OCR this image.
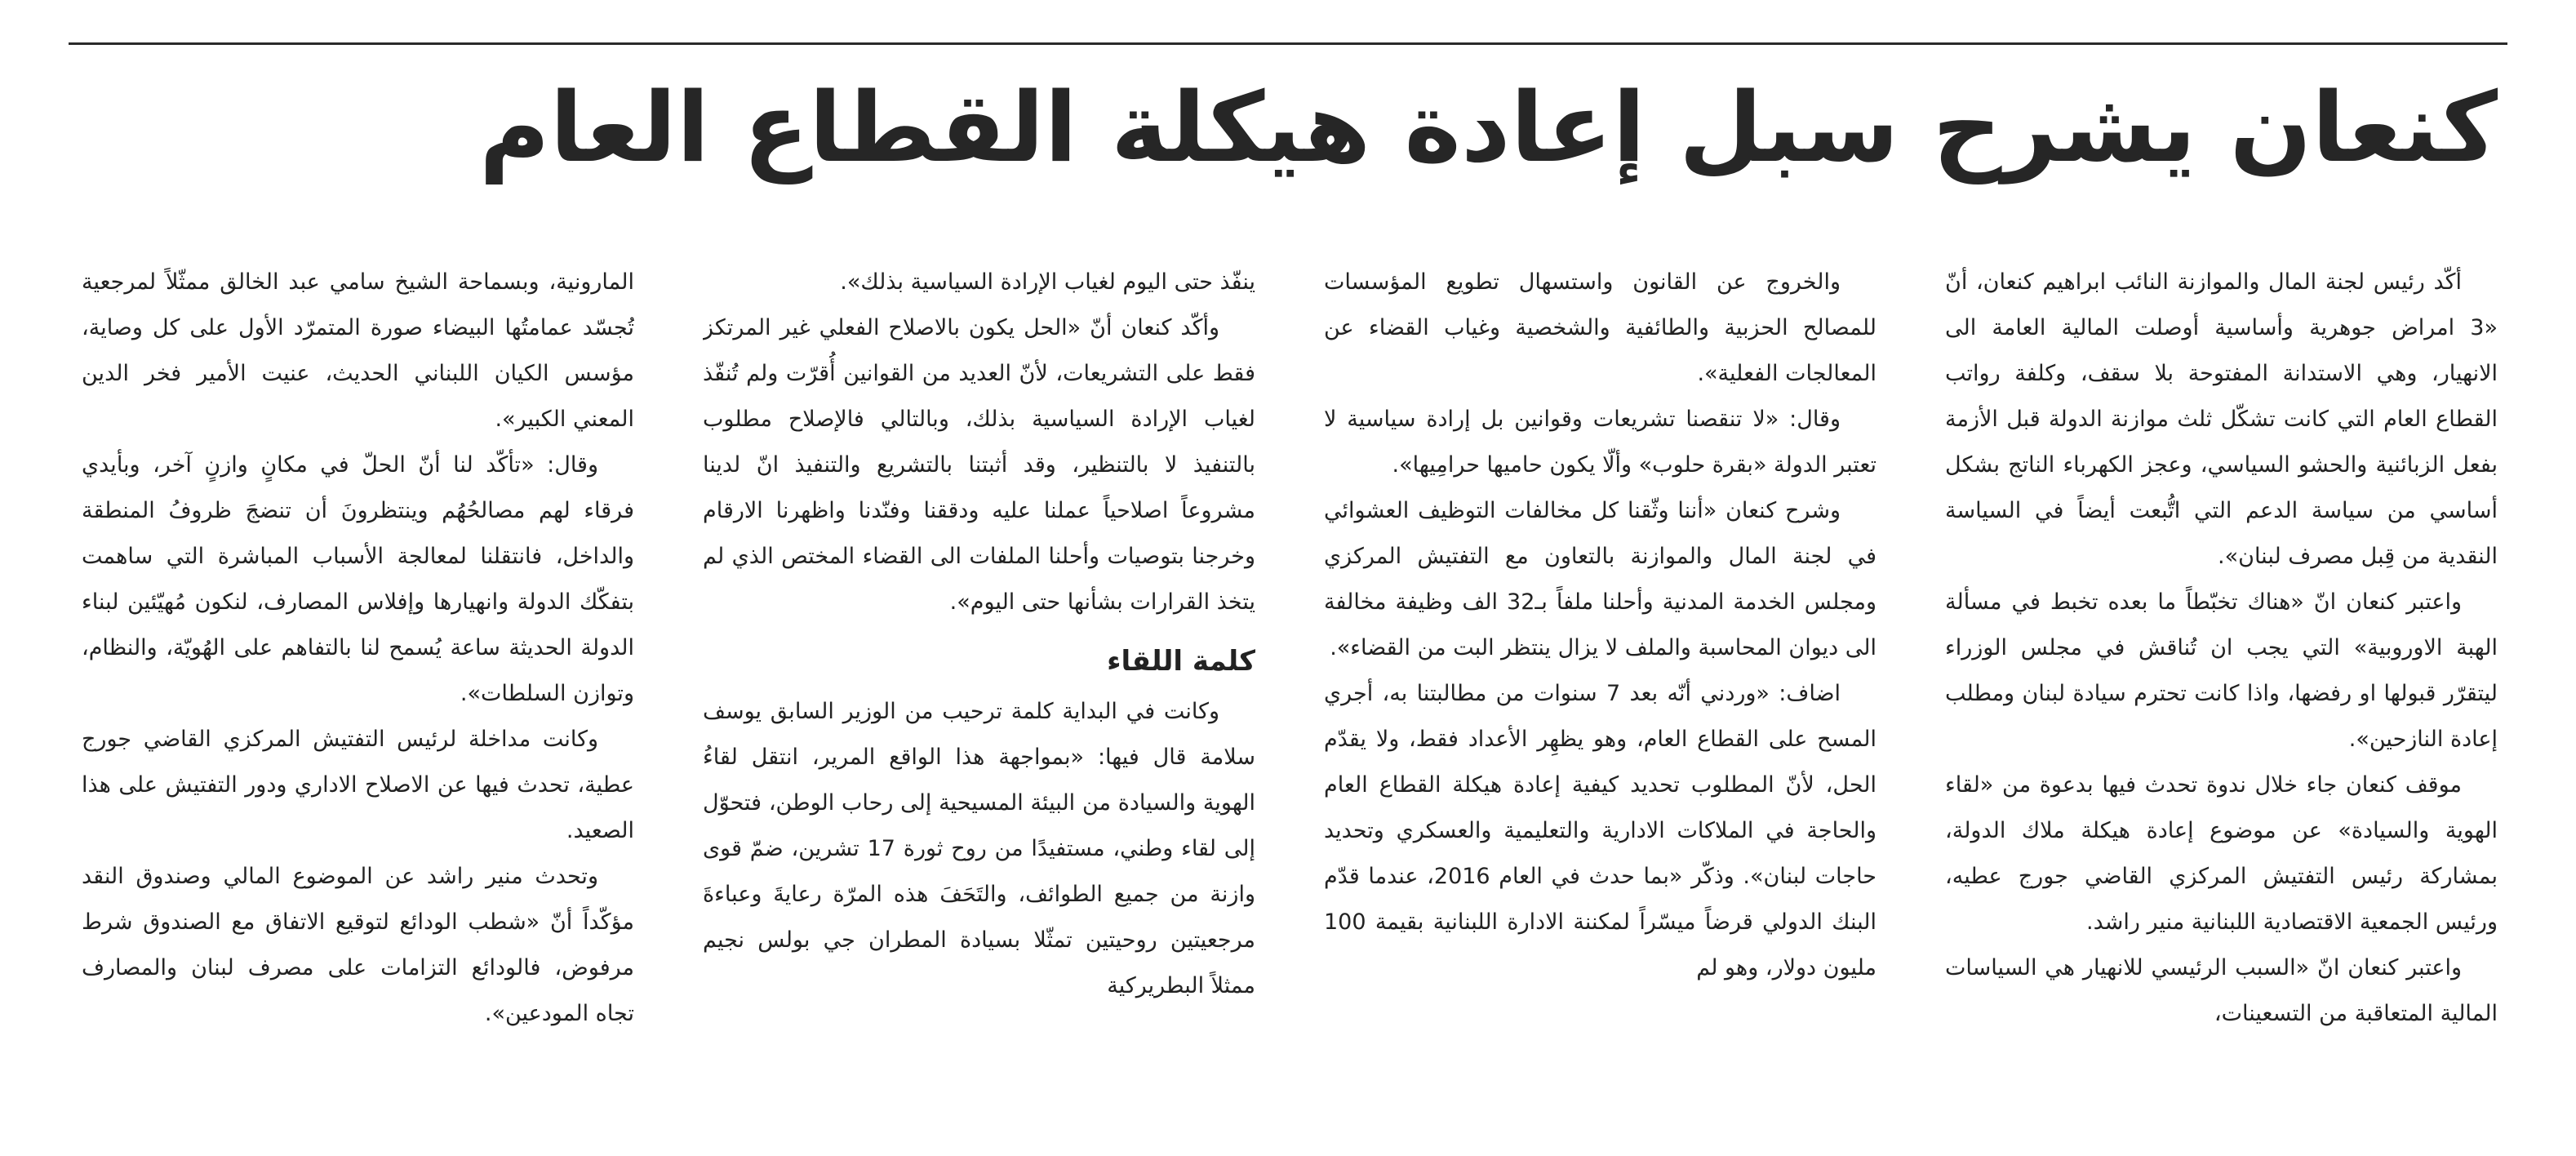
كنعان يشرح سبل إعادة هيكلة القطاع العام

أكّد رئيس لجنة المال والموازنة النائب ابراهيم كنعان، أنّ «3 امراض جوهرية وأساسية أوصلت المالية العامة الى الانهيار، وهي الاستدانة المفتوحة بلا سقف، وكلفة رواتب القطاع العام التي كانت تشكّل ثلث موازنة الدولة قبل الأزمة بفعل الزبائنية والحشو السياسي، وعجز الكهرباء الناتج بشكل أساسي من سياسة الدعم التي اتُّبعت أيضاً في السياسة النقدية من قِبل مصرف لبنان».

واعتبر كنعان انّ «هناك تخبّطاً ما بعده تخبط في مسألة الهبة الاوروبية» التي يجب ان تُناقش في مجلس الوزراء ليتقرّر قبولها او رفضها، واذا كانت تحترم سيادة لبنان ومطلب إعادة النازحين».

موقف كنعان جاء خلال ندوة تحدث فيها بدعوة من «لقاء الهوية والسيادة» عن موضوع إعادة هيكلة ملاك الدولة، بمشاركة رئيس التفتيش المركزي القاضي جورج عطيه، ورئيس الجمعية الاقتصادية اللبنانية منير راشد.

واعتبر كنعان انّ «السبب الرئيسي للانهيار هي السياسات المالية المتعاقبة من التسعينات،

والخروج عن القانون واستسهال تطويع المؤسسات للمصالح الحزبية والطائفية والشخصية وغياب القضاء عن المعالجات الفعلية».

وقال: «لا تنقصنا تشريعات وقوانين بل إرادة سياسية لا تعتبر الدولة «بقرة حلوب» وألّا يكون حاميها حرامِيها».

وشرح كنعان «أننا وثّقنا كل مخالفات التوظيف العشوائي في لجنة المال والموازنة بالتعاون مع التفتيش المركزي ومجلس الخدمة المدنية وأحلنا ملفاً بـ32 الف وظيفة مخالفة الى ديوان المحاسبة والملف لا يزال ينتظر البت من القضاء».

اضاف: «وردني أنّه بعد 7 سنوات من مطالبتنا به، أجري المسح على القطاع العام، وهو يظهِر الأعداد فقط، ولا يقدّم الحل، لأنّ المطلوب تحديد كيفية إعادة هيكلة القطاع العام والحاجة في الملاكات الادارية والتعليمية والعسكري وتحديد حاجات لبنان». وذكّر «بما حدث في العام 2016، عندما قدّم البنك الدولي قرضاً ميسّراً لمكننة الادارة اللبنانية بقيمة 100 مليون دولار، وهو لم

ينفّذ حتى اليوم لغياب الإرادة السياسية بذلك».

وأكّد كنعان أنّ «الحل يكون بالاصلاح الفعلي غير المرتكز فقط على التشريعات، لأنّ العديد من القوانين أُقرّت ولم تُنفّذ لغياب الإرادة السياسية بذلك، وبالتالي فالإصلاح مطلوب بالتنفيذ لا بالتنظير، وقد أثبتنا بالتشريع والتنفيذ انّ لدينا مشروعاً اصلاحياً عملنا عليه ودققنا وفنّدنا واظهرنا الارقام وخرجنا بتوصيات وأحلنا الملفات الى القضاء المختص الذي لم يتخذ القرارات بشأنها حتى اليوم».

كلمة اللقاء

وكانت في البداية كلمة ترحيب من الوزير السابق يوسف سلامة قال فيها: «بمواجهة هذا الواقع المرير، انتقل لقاءُ الهوية والسيادة من البيئة المسيحية إلى رحاب الوطن، فتحوّل إلى لقاء وطني، مستفيدًا من روح ثورة 17 تشرين، ضمّ قوى وازنة من جميع الطوائف، والتَحَفَ هذه المرّة رعايةَ وعباءةَ مرجعيتين روحيتين تمثّلا بسيادة المطران جي بولس نجيم ممثلاً البطريركية

المارونية، وبسماحة الشيخ سامي عبد الخالق ممثّلاً لمرجعية تُجسّد عمامتُها البيضاء صورة المتمرّد الأول على كل وصاية، مؤسس الكيان اللبناني الحديث، عنيت الأمير فخر الدين المعني الكبير».

وقال: «تأكّد لنا أنّ الحلّ في مكانٍ وازنٍ آخر، وبأيدي فرقاء لهم مصالحُهُم وينتظرونَ أن تنضجَ ظروفُ المنطقة والداخل، فانتقلنا لمعالجة الأسباب المباشرة التي ساهمت بتفكّك الدولة وانهيارها وإفلاس المصارف، لنكون مُهيّئين لبناء الدولة الحديثة ساعة يُسمح لنا بالتفاهم على الهُويّة، والنظام، وتوازن السلطات».

وكانت مداخلة لرئيس التفتيش المركزي القاضي جورج عطية، تحدث فيها عن الاصلاح الاداري ودور التفتيش على هذا الصعيد.

وتحدث منير راشد عن الموضوع المالي وصندوق النقد مؤكّداً أنّ «شطب الودائع لتوقيع الاتفاق مع الصندوق شرط مرفوض، فالودائع التزامات على مصرف لبنان والمصارف تجاه المودعين».
